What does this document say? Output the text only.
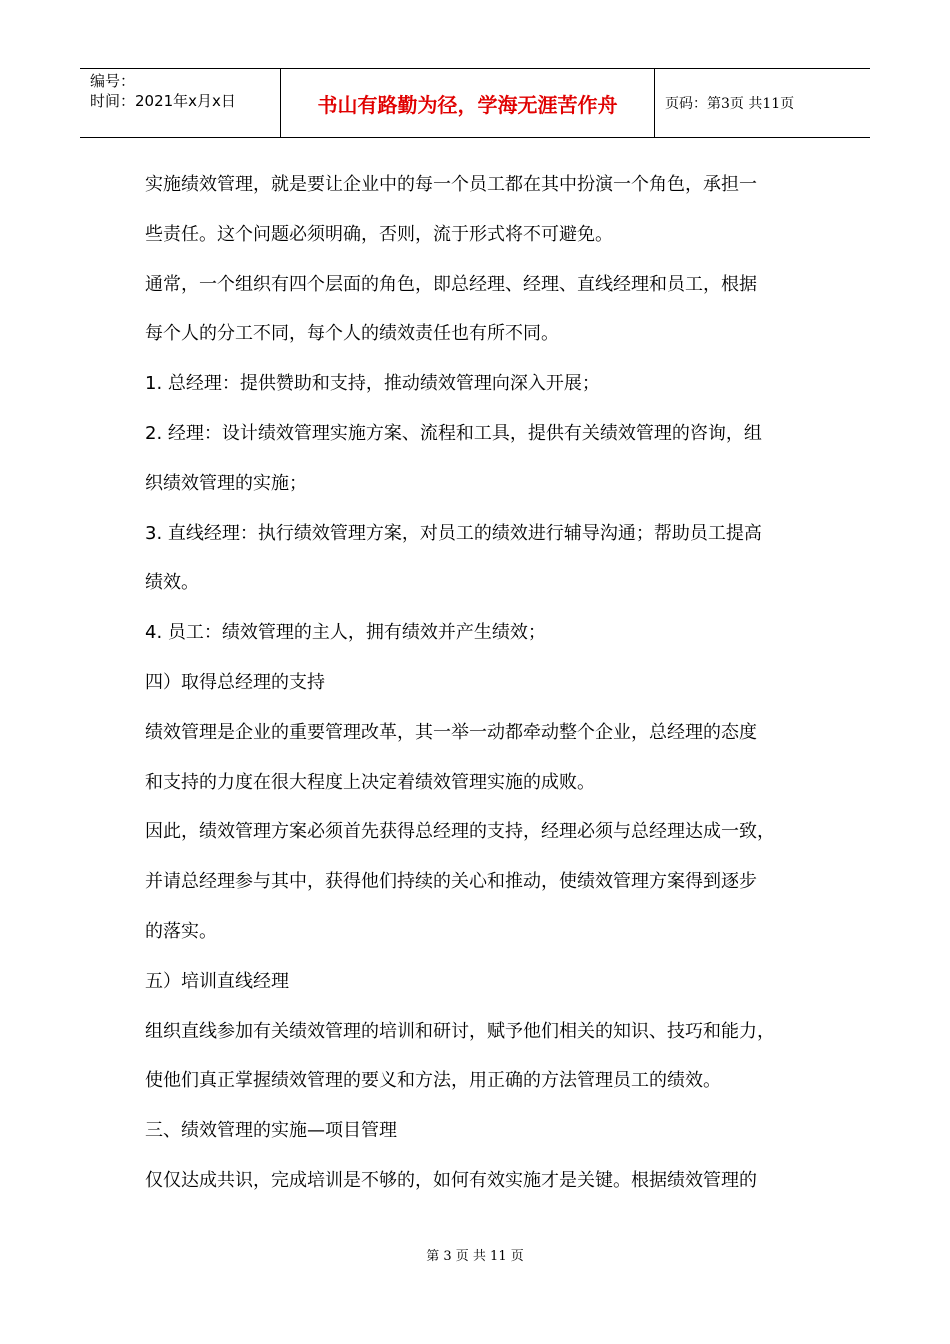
编号：
时间：2021年x月x日	书山有路勤为径，学海无涯苦作舟	页码：第3页 共11页

实施绩效管理，就是要让企业中的每一个员工都在其中扮演一个角色，承担一

些责任。这个问题必须明确，否则，流于形式将不可避免。

通常，一个组织有四个层面的角色，即总经理、经理、直线经理和员工，根据

每个人的分工不同，每个人的绩效责任也有所不同。

1. 总经理：提供赞助和支持，推动绩效管理向深入开展；

2. 经理：设计绩效管理实施方案、流程和工具，提供有关绩效管理的咨询，组

织绩效管理的实施；

3. 直线经理：执行绩效管理方案，对员工的绩效进行辅导沟通；帮助员工提高

绩效。

4. 员工：绩效管理的主人，拥有绩效并产生绩效；

四）取得总经理的支持

绩效管理是企业的重要管理改革，其一举一动都牵动整个企业，总经理的态度

和支持的力度在很大程度上决定着绩效管理实施的成败。

因此，绩效管理方案必须首先获得总经理的支持，经理必须与总经理达成一致，

并请总经理参与其中，获得他们持续的关心和推动，使绩效管理方案得到逐步

的落实。

五）培训直线经理

组织直线参加有关绩效管理的培训和研讨，赋予他们相关的知识、技巧和能力，

使他们真正掌握绩效管理的要义和方法，用正确的方法管理员工的绩效。

三、绩效管理的实施—项目管理

仅仅达成共识，完成培训是不够的，如何有效实施才是关键。根据绩效管理的

第 3 页 共 11 页
